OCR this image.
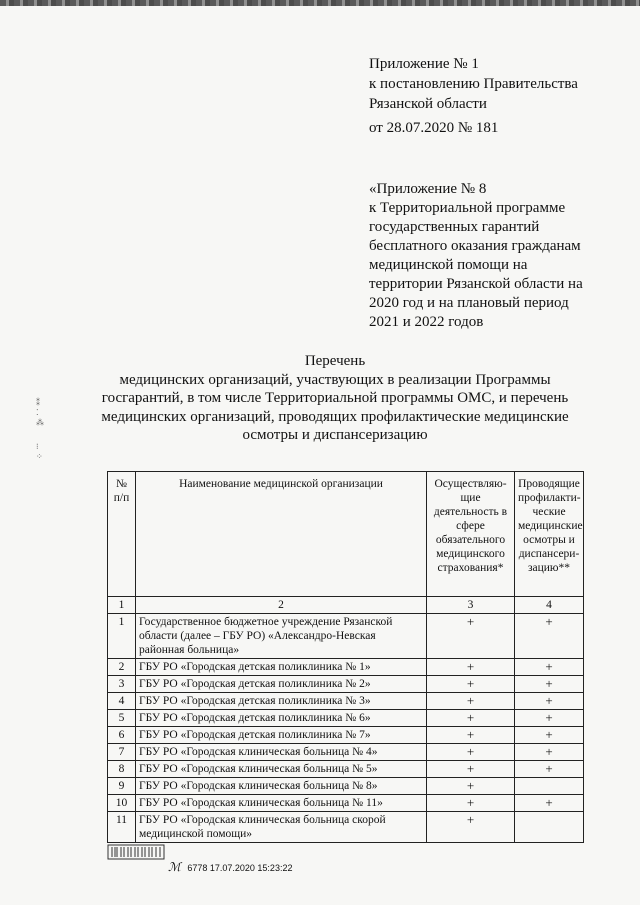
Приложение № 1
к постановлению Правительства
Рязанской области
от 28.07.2020 № 181
«Приложение № 8
к Территориальной программе
государственных гарантий
бесплатного оказания гражданам
медицинской помощи на
территории Рязанской области на
2020 год и на плановый период
2021 и 2022 годов
Перечень
медицинских организаций, участвующих в реализации Программы
госгарантий, в том числе Территориальной программы ОМС, и перечень
медицинских организаций, проводящих профилактические медицинские
осмотры и диспансеризацию
⁑
⁚
⁂
⁝
⁘
№ п/п	Наименование медицинской организации	Осуществляю-щие деятельность в сфере обязательного медицинского страхования*	Проводящие профилакти-ческие медицинские осмотры и диспансери-зацию**
1	2	3	4
1	Государственное бюджетное учреждение Рязанской области (далее – ГБУ РО) «Александро-Невская районная больница»	+	+
2	ГБУ РО «Городская детская поликлиника № 1»	+	+
3	ГБУ РО «Городская детская поликлиника № 2»	+	+
4	ГБУ РО «Городская детская поликлиника № 3»	+	+
5	ГБУ РО «Городская детская поликлиника № 6»	+	+
6	ГБУ РО «Городская детская поликлиника № 7»	+	+
7	ГБУ РО «Городская клиническая больница № 4»	+	+
8	ГБУ РО «Городская клиническая больница № 5»	+	+
9	ГБУ РО «Городская клиническая больница № 8»	+	
10	ГБУ РО «Городская клиническая больница № 11»	+	+
11	ГБУ РО «Городская клиническая больница скорой медицинской помощи»	+	
ℳ 6778 17.07.2020 15:23:22
